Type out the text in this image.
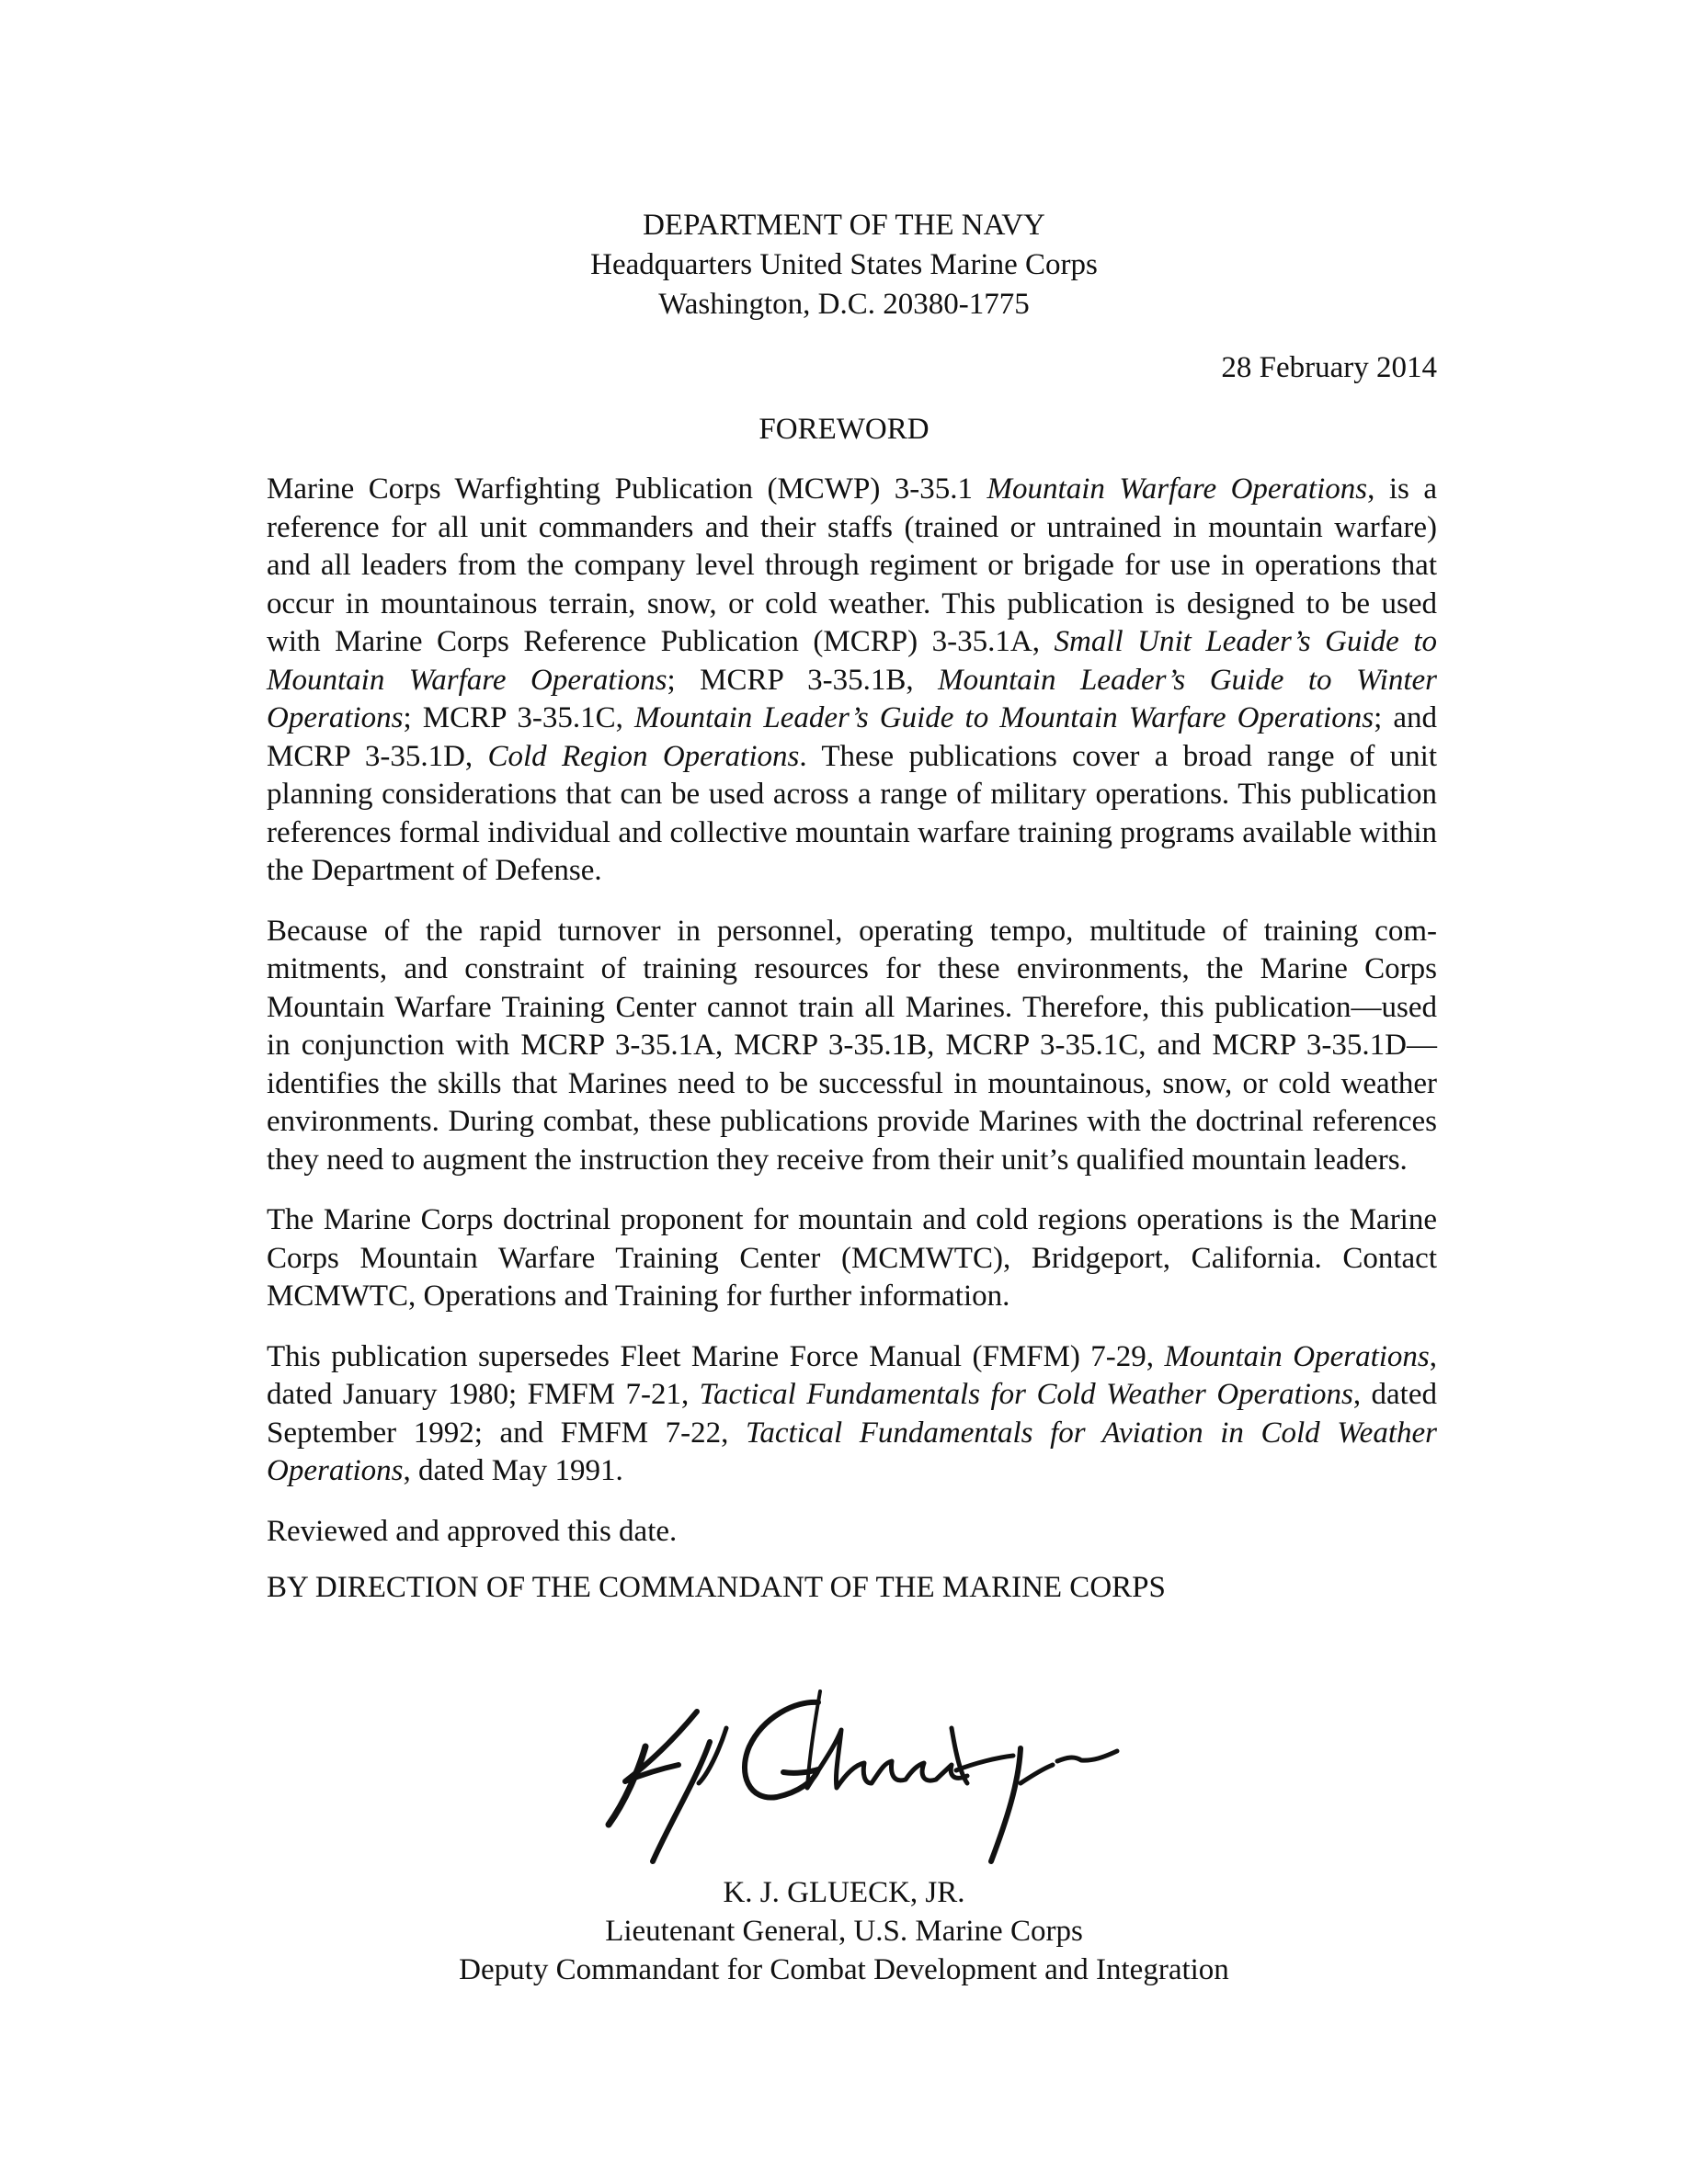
DEPARTMENT OF THE NAVY
Headquarters United States Marine Corps
Washington, D.C. 20380-1775
28 February 2014
FOREWORD

Marine Corps Warfighting Publication (MCWP) 3-35.1 Mountain Warfare Operations, is a reference for all unit commanders and their staffs (trained or untrained in mountain warfare) and all leaders from the company level through regiment or brigade for use in operations that occur in mountainous terrain, snow, or cold weather. This publication is designed to be used with Marine Corps Reference Publication (MCRP) 3-35.1A, Small Unit Leader’s Guide to Mountain Warfare Operations; MCRP 3-35.1B, Mountain Leader’s Guide to Winter Operations; MCRP 3-35.1C, Mountain Leader’s Guide to Mountain Warfare Operations; and MCRP 3-35.1D, Cold Region Operations. These publications cover a broad range of unit planning considerations that can be used across a range of military operations. This publication references formal individual and collective mountain warfare training programs available within the Department of Defense.

Because of the rapid turnover in personnel, operating tempo, multitude of training commitments, and constraint of training resources for these environments, the Marine Corps Mountain Warfare Training Center cannot train all Marines. Therefore, this publication—used in conjunction with MCRP 3-35.1A, MCRP 3-35.1B, MCRP 3-35.1C, and MCRP 3-35.1D—identifies the skills that Marines need to be successful in mountainous, snow, or cold weather environments. During combat, these publications provide Marines with the doctrinal references they need to augment the instruction they receive from their unit’s qualified mountain leaders.

The Marine Corps doctrinal proponent for mountain and cold regions operations is the Marine Corps Mountain Warfare Training Center (MCMWTC), Bridgeport, California. Contact MCMWTC, Operations and Training for further information.

This publication supersedes Fleet Marine Force Manual (FMFM) 7-29, Mountain Operations, dated January 1980; FMFM 7-21, Tactical Fundamentals for Cold Weather Operations, dated September 1992; and FMFM 7-22, Tactical Fundamentals for Aviation in Cold Weather Operations, dated May 1991.

Reviewed and approved this date.

BY DIRECTION OF THE COMMANDANT OF THE MARINE CORPS

K. J. GLUECK, JR.
Lieutenant General, U.S. Marine Corps
Deputy Commandant for Combat Development and Integration
